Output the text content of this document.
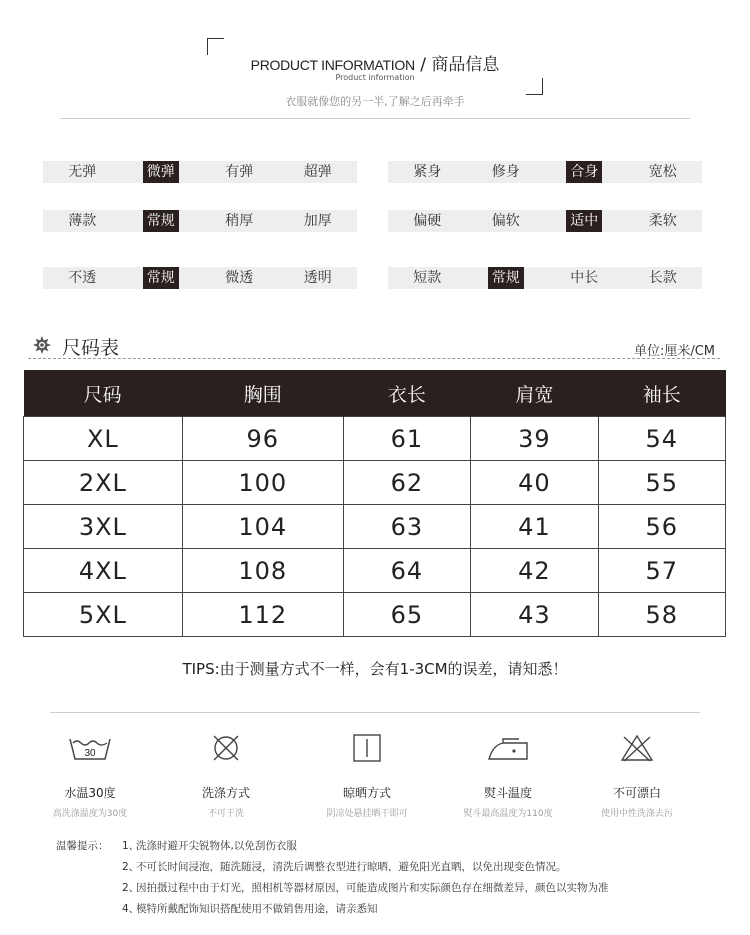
PRODUCT INFORMATION / 商品信息
Product information
衣服就像您的另一半,了解之后再牵手
无弹	微弹	有弹	超弹	紧身	修身	合身	宽松
薄款	常规	稍厚	加厚	偏硬	偏软	适中	柔软
不透	常规	微透	透明	短款	常规	中长	长款
尺码表	单位:厘米/CM
尺码	胸围	衣长	肩宽	袖长
XL	96	61	39	54
2XL	100	62	40	55
3XL	104	63	41	56
4XL	108	64	42	57
5XL	112	65	43	58
TIPS:由于测量方式不一样，会有1-3CM的误差，请知悉！
30
水温30度
高洗涤温度为30度
洗涤方式
不可干洗
晾晒方式
阴凉处悬挂晒干即可
熨斗温度
熨斗最高温度为110度
不可漂白
使用中性洗涤去污
温馨提示：	1、
洗涤时避开尖锐物体,以免刮伤衣服
2、
不可长时间浸泡，随洗随浸，清洗后调整衣型进行晾晒，避免阳光直晒，以免出现变色情况。
2、
因拍摄过程中由于灯光，照相机等器材原因，可能造成图片和实际颜色存在细微差异，颜色以实物为准
4、
模特所戴配饰知识搭配使用不做销售用途，请亲悉知
